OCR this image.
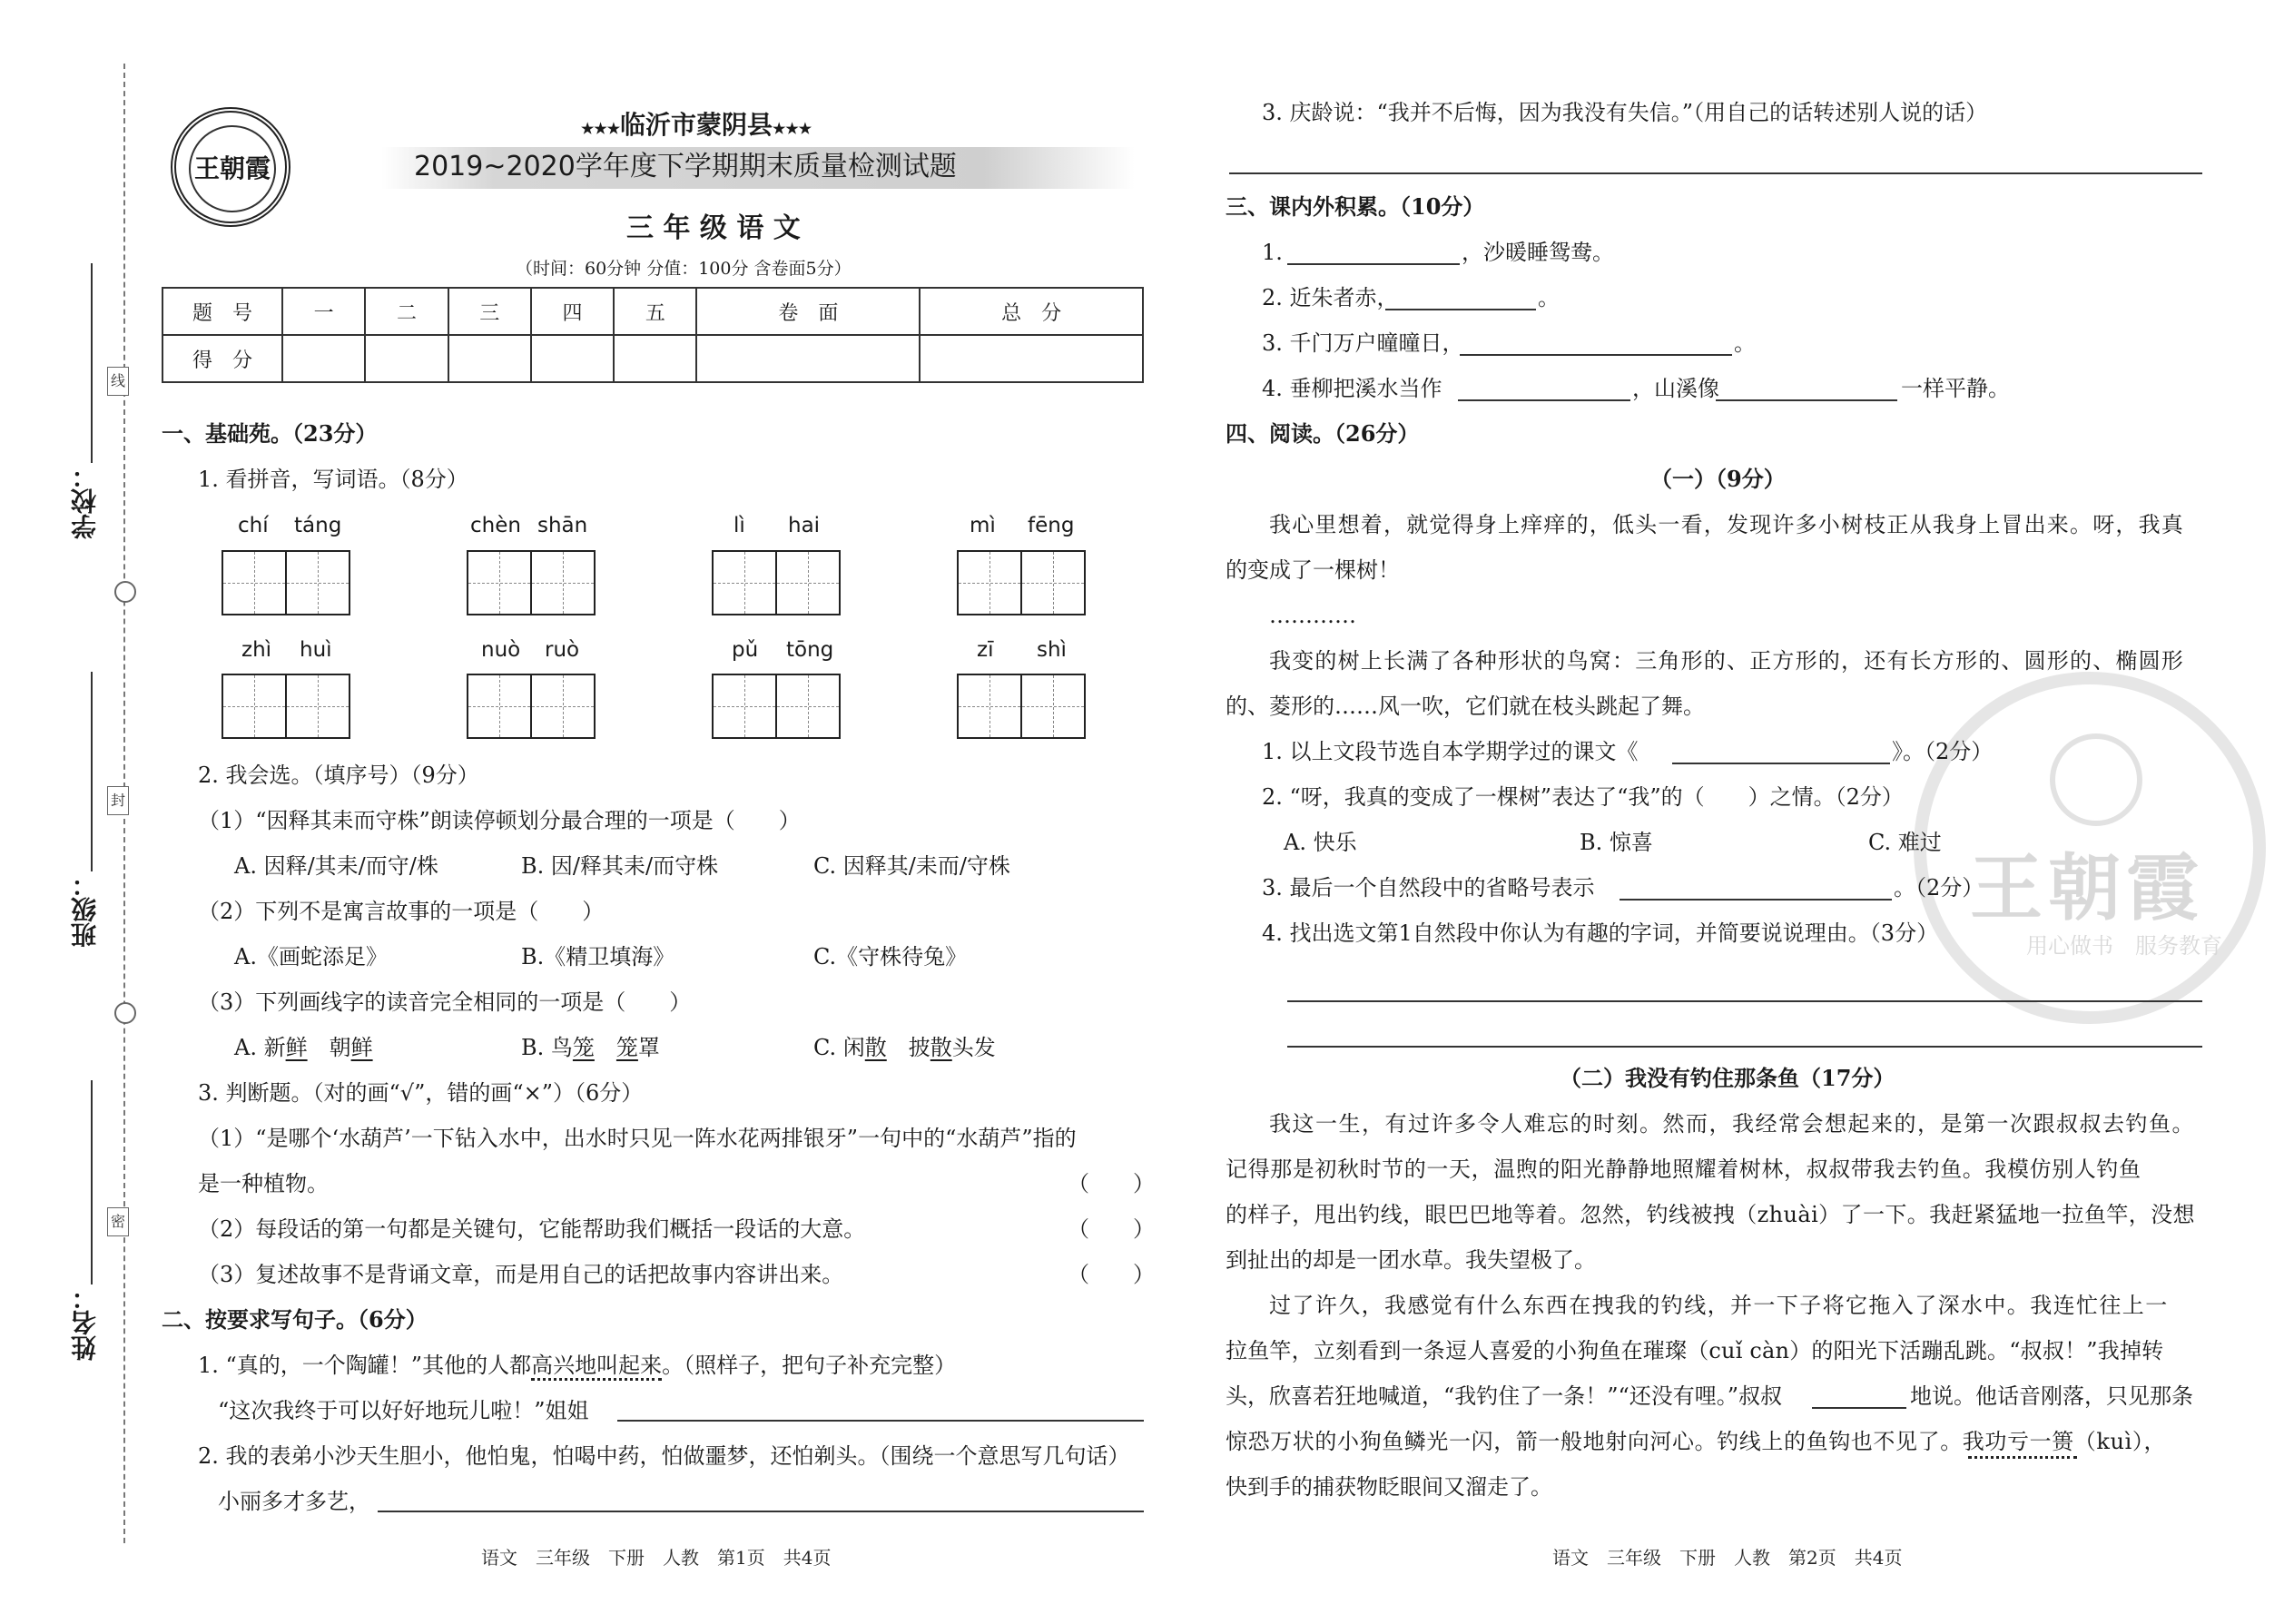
线
封
密
学校：
班级：
姓名：
王朝霞
★★★临沂市蒙阴县★★★
2019~2020学年度下学期期末质量检测试题
三 年 级 语 文
（时间：60分钟 分值：100分 含卷面5分）
题　号	一	二	三	四	五	卷　面	总　分
得　分							
一、基础苑。（23分）
1. 看拼音，写词语。（8分）
chí táng	chèn shān	lì hai	mì fēng
zhì huì	nuò ruò	pǔ tōng	zī shì
2. 我会选。（填序号）（9分）
（1）“因释其耒而守株”朗读停顿划分最合理的一项是（　　）
A. 因释/其耒/而守/株	B. 因/释其耒/而守株	C. 因释其/耒而/守株
（2）下列不是寓言故事的一项是（　　）
A.《画蛇添足》	B.《精卫填海》	C.《守株待兔》
（3）下列画线字的读音完全相同的一项是（　　）
A. 新鲜　朝鲜	B. 鸟笼　 笼罩	C. 闲散　披散头发
3. 判断题。（对的画“√”，错的画“×”）（6分）
（1）“是哪个‘水葫芦’一下钻入水中，出水时只见一阵水花两排银牙”一句中的“水葫芦”指的
是一种植物。	（　　）
（2）每段话的第一句都是关键句，它能帮助我们概括一段话的大意。	（　　）
（3）复述故事不是背诵文章，而是用自己的话把故事内容讲出来。	（　　）
二、按要求写句子。（6分）
1. “真的，一个陶罐！”其他的人都高兴地叫起来。（照样子，把句子补充完整）
“这次我终于可以好好地玩儿啦！”姐姐
2. 我的表弟小沙天生胆小，他怕鬼，怕喝中药，怕做噩梦，还怕剃头。（围绕一个意思写几句话）
小丽多才多艺，
语文　三年级　下册　人教　第1页　共4页
3. 庆龄说：“我并不后悔，因为我没有失信。”（用自己的话转述别人说的话）
三、课内外积累。（10分）
1.	，沙暖睡鸳鸯。
2. 近朱者赤，	。
3. 千门万户曈曈日，	。
4. 垂柳把溪水当作	，山溪像	一样平静。
四、阅读。（26分）
（一）（9分）
我心里想着，就觉得身上痒痒的，低头一看，发现许多小树枝正从我身上冒出来。呀，我真
的变成了一棵树！
…………
我变的树上长满了各种形状的鸟窝：三角形的、正方形的，还有长方形的、圆形的、椭圆形
的、菱形的……风一吹，它们就在枝头跳起了舞。
王朝霞
用心做书　服务教育
1. 以上文段节选自本学期学过的课文《	》。（2分）
2. “呀，我真的变成了一棵树”表达了“我”的（　　）之情。（2分）
A. 快乐	B. 惊喜	C. 难过
3. 最后一个自然段中的省略号表示	。（2分）
4. 找出选文第1自然段中你认为有趣的字词，并简要说说理由。（3分）
（二）我没有钓住那条鱼（17分）
我这一生，有过许多令人难忘的时刻。然而，我经常会想起来的，是第一次跟叔叔去钓鱼。
记得那是初秋时节的一天，温煦的阳光静静地照耀着树林，叔叔带我去钓鱼。我模仿别人钓鱼
的样子，甩出钓线，眼巴巴地等着。忽然，钓线被拽（zhuài）了一下。我赶紧猛地一拉鱼竿，没想
到扯出的却是一团水草。我失望极了。
过了许久，我感觉有什么东西在拽我的钓线，并一下子将它拖入了深水中。我连忙往上一
拉鱼竿，立刻看到一条逗人喜爱的小狗鱼在璀璨（cuǐ càn）的阳光下活蹦乱跳。“叔叔！”我掉转
头，欣喜若狂地喊道，“我钓住了一条！”“还没有哩。”叔叔	地说。他话音刚落，只见那条
惊恐万状的小狗鱼鳞光一闪，箭一般地射向河心。钓线上的鱼钩也不见了。我功亏一篑（kuì），
快到手的捕获物眨眼间又溜走了。
语文　三年级　下册　人教　第2页　共4页
